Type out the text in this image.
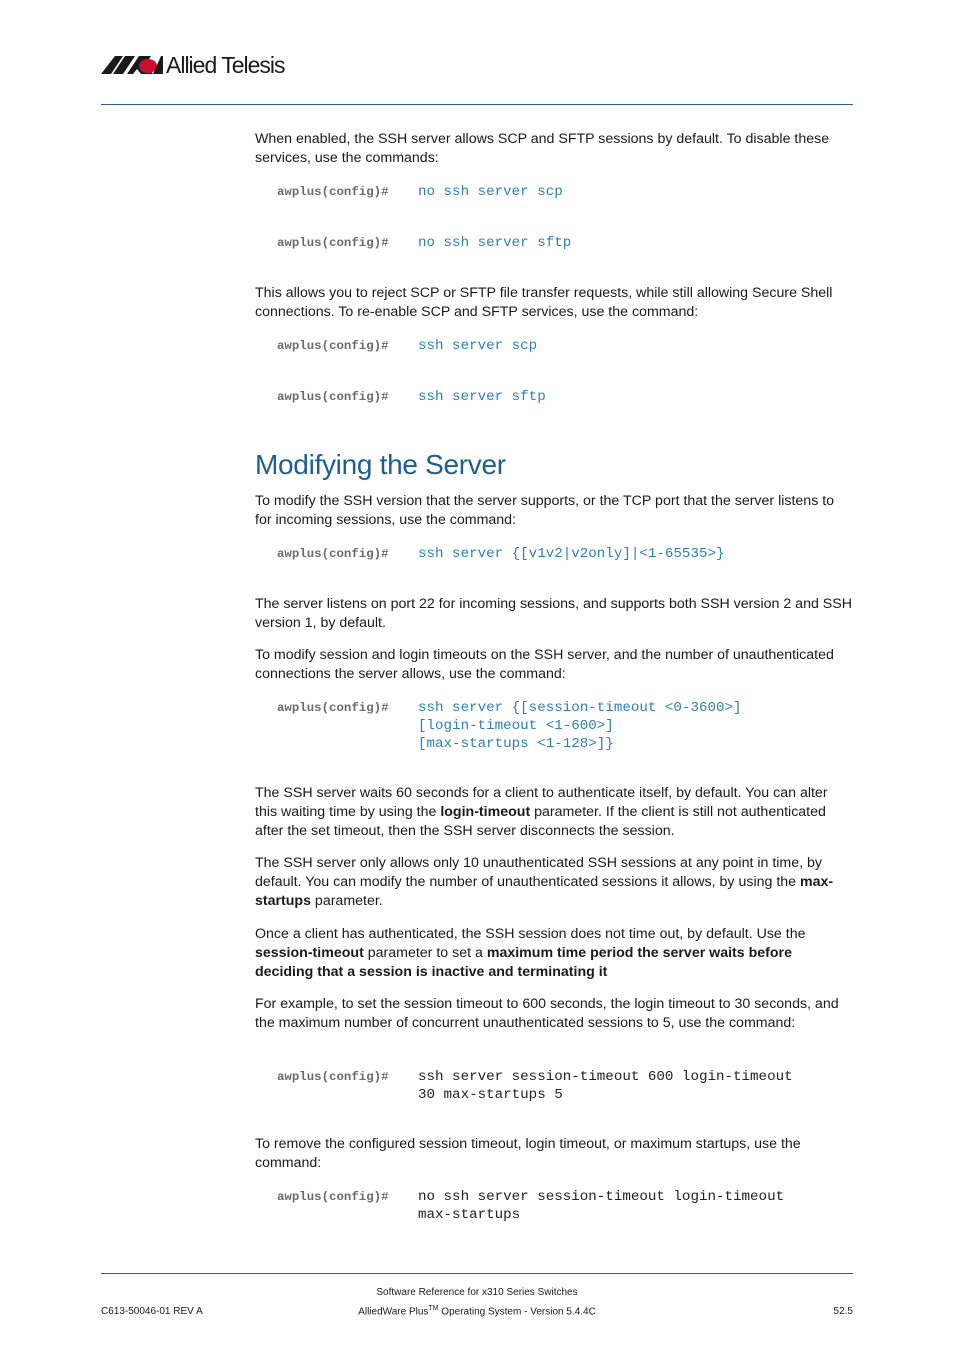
Allied Telesis

When enabled, the SSH server allows SCP and SFTP sessions by default. To disable these services, use the commands:

awplus(config)#	no ssh server scp
awplus(config)#	no ssh server sftp

This allows you to reject SCP or SFTP file transfer requests, while still allowing Secure Shell connections. To re-enable SCP and SFTP services, use the command:

awplus(config)#	ssh server scp
awplus(config)#	ssh server sftp
Modifying the Server

To modify the SSH version that the server supports, or the TCP port that the server listens to for incoming sessions, use the command:

awplus(config)#	ssh server {[v1v2|v2only]|<1-65535>}

The server listens on port 22 for incoming sessions, and supports both SSH version 2 and SSH version 1, by default.

To modify session and login timeouts on the SSH server, and the number of unauthenticated connections the server allows, use the command:

awplus(config)#	ssh server {[session-timeout <0-3600>]
[login-timeout <1-600>]
[max-startups <1-128>]}

The SSH server waits 60 seconds for a client to authenticate itself, by default. You can alter this waiting time by using the login-timeout parameter. If the client is still not authenticated after the set timeout, then the SSH server disconnects the session.

The SSH server only allows only 10 unauthenticated SSH sessions at any point in time, by default. You can modify the number of unauthenticated sessions it allows, by using the max-startups parameter.

Once a client has authenticated, the SSH session does not time out, by default. Use the session-timeout parameter to set a maximum time period the server waits before deciding that a session is inactive and terminating it

For example, to set the session timeout to 600 seconds, the login timeout to 30 seconds, and the maximum number of concurrent unauthenticated sessions to 5, use the command:

awplus(config)#	ssh server session-timeout 600 login-timeout
30 max-startups 5

To remove the configured session timeout, login timeout, or maximum startups, use the command:

awplus(config)#	no ssh server session-timeout login-timeout
max-startups
C613-50046-01 REV A
Software Reference for x310 Series Switches
AlliedWare Plus™ Operating System - Version 5.4.4C	52.5
